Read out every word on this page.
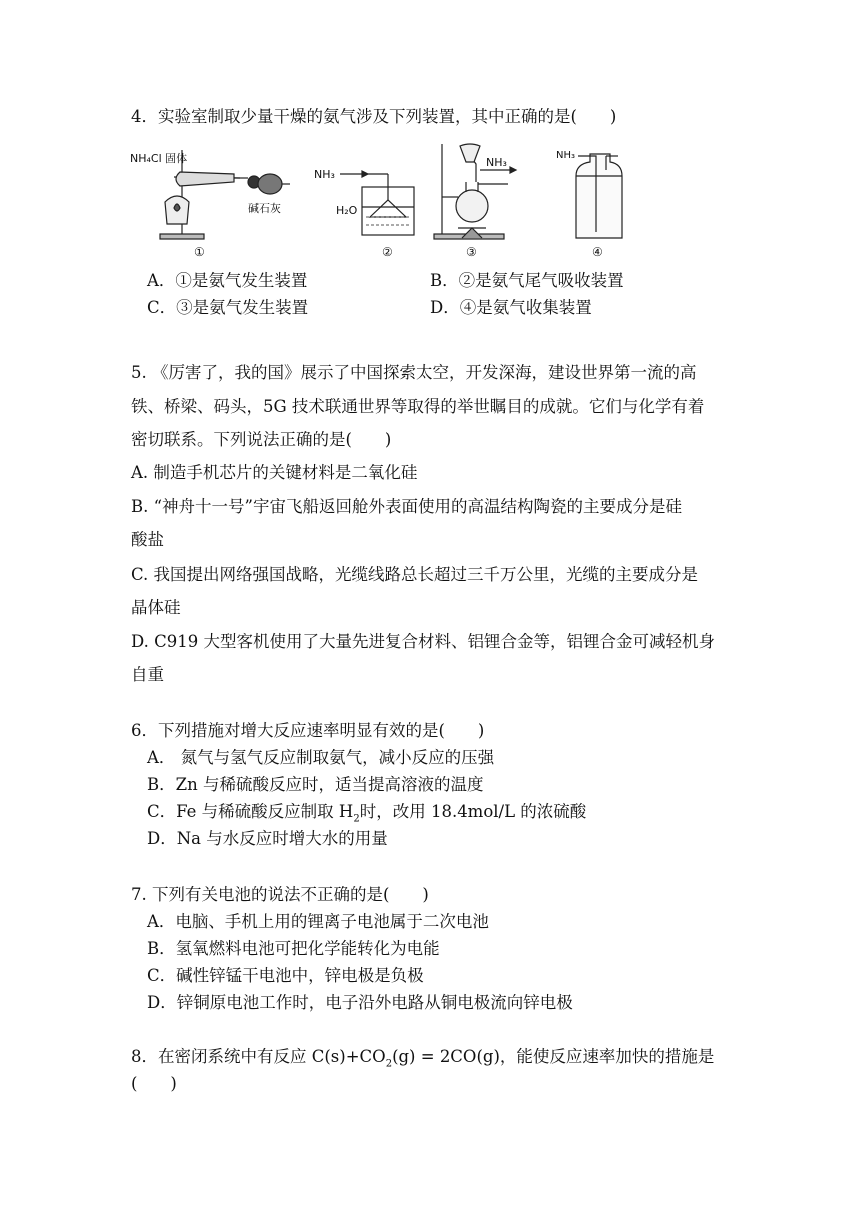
4．实验室制取少量干燥的氨气涉及下列装置，其中正确的是(　　)
NH₄Cl 固体
碱石灰
①
NH₃
H₂O
②
NH₃
③
NH₃
④
A．①是氨气发生装置	B．②是氨气尾气吸收装置
C．③是氨气发生装置	D．④是氨气收集装置
5. 《厉害了，我的国》展示了中国探索太空，开发深海，建设世界第一流的高
铁、桥梁、码头，5G 技术联通世界等取得的举世瞩目的成就。它们与化学有着
密切联系。下列说法正确的是(　　)
A. 制造手机芯片的关键材料是二氧化硅
B. “神舟十一号”宇宙飞船返回舱外表面使用的高温结构陶瓷的主要成分是硅
酸盐
C. 我国提出网络强国战略，光缆线路总长超过三千万公里，光缆的主要成分是
晶体硅
D. C919 大型客机使用了大量先进复合材料、铝锂合金等，铝锂合金可减轻机身
自重
6．下列措施对增大反应速率明显有效的是(　　)
A． 氮气与氢气反应制取氨气，减小反应的压强
B．Zn 与稀硫酸反应时，适当提高溶液的温度
C．Fe 与稀硫酸反应制取 $H_2$时，改用 18.4mol/L 的浓硫酸
D．Na 与水反应时增大水的用量
7. 下列有关电池的说法不正确的是(　　)
A．电脑、手机上用的锂离子电池属于二次电池
B．氢氧燃料电池可把化学能转化为电能
C．碱性锌锰干电池中，锌电极是负极
D．锌铜原电池工作时，电子沿外电路从铜电极流向锌电极
8．在密闭系统中有反应 $C(s)+CO_2(g) = 2CO(g)$，能使反应速率加快的措施是
(　　)
